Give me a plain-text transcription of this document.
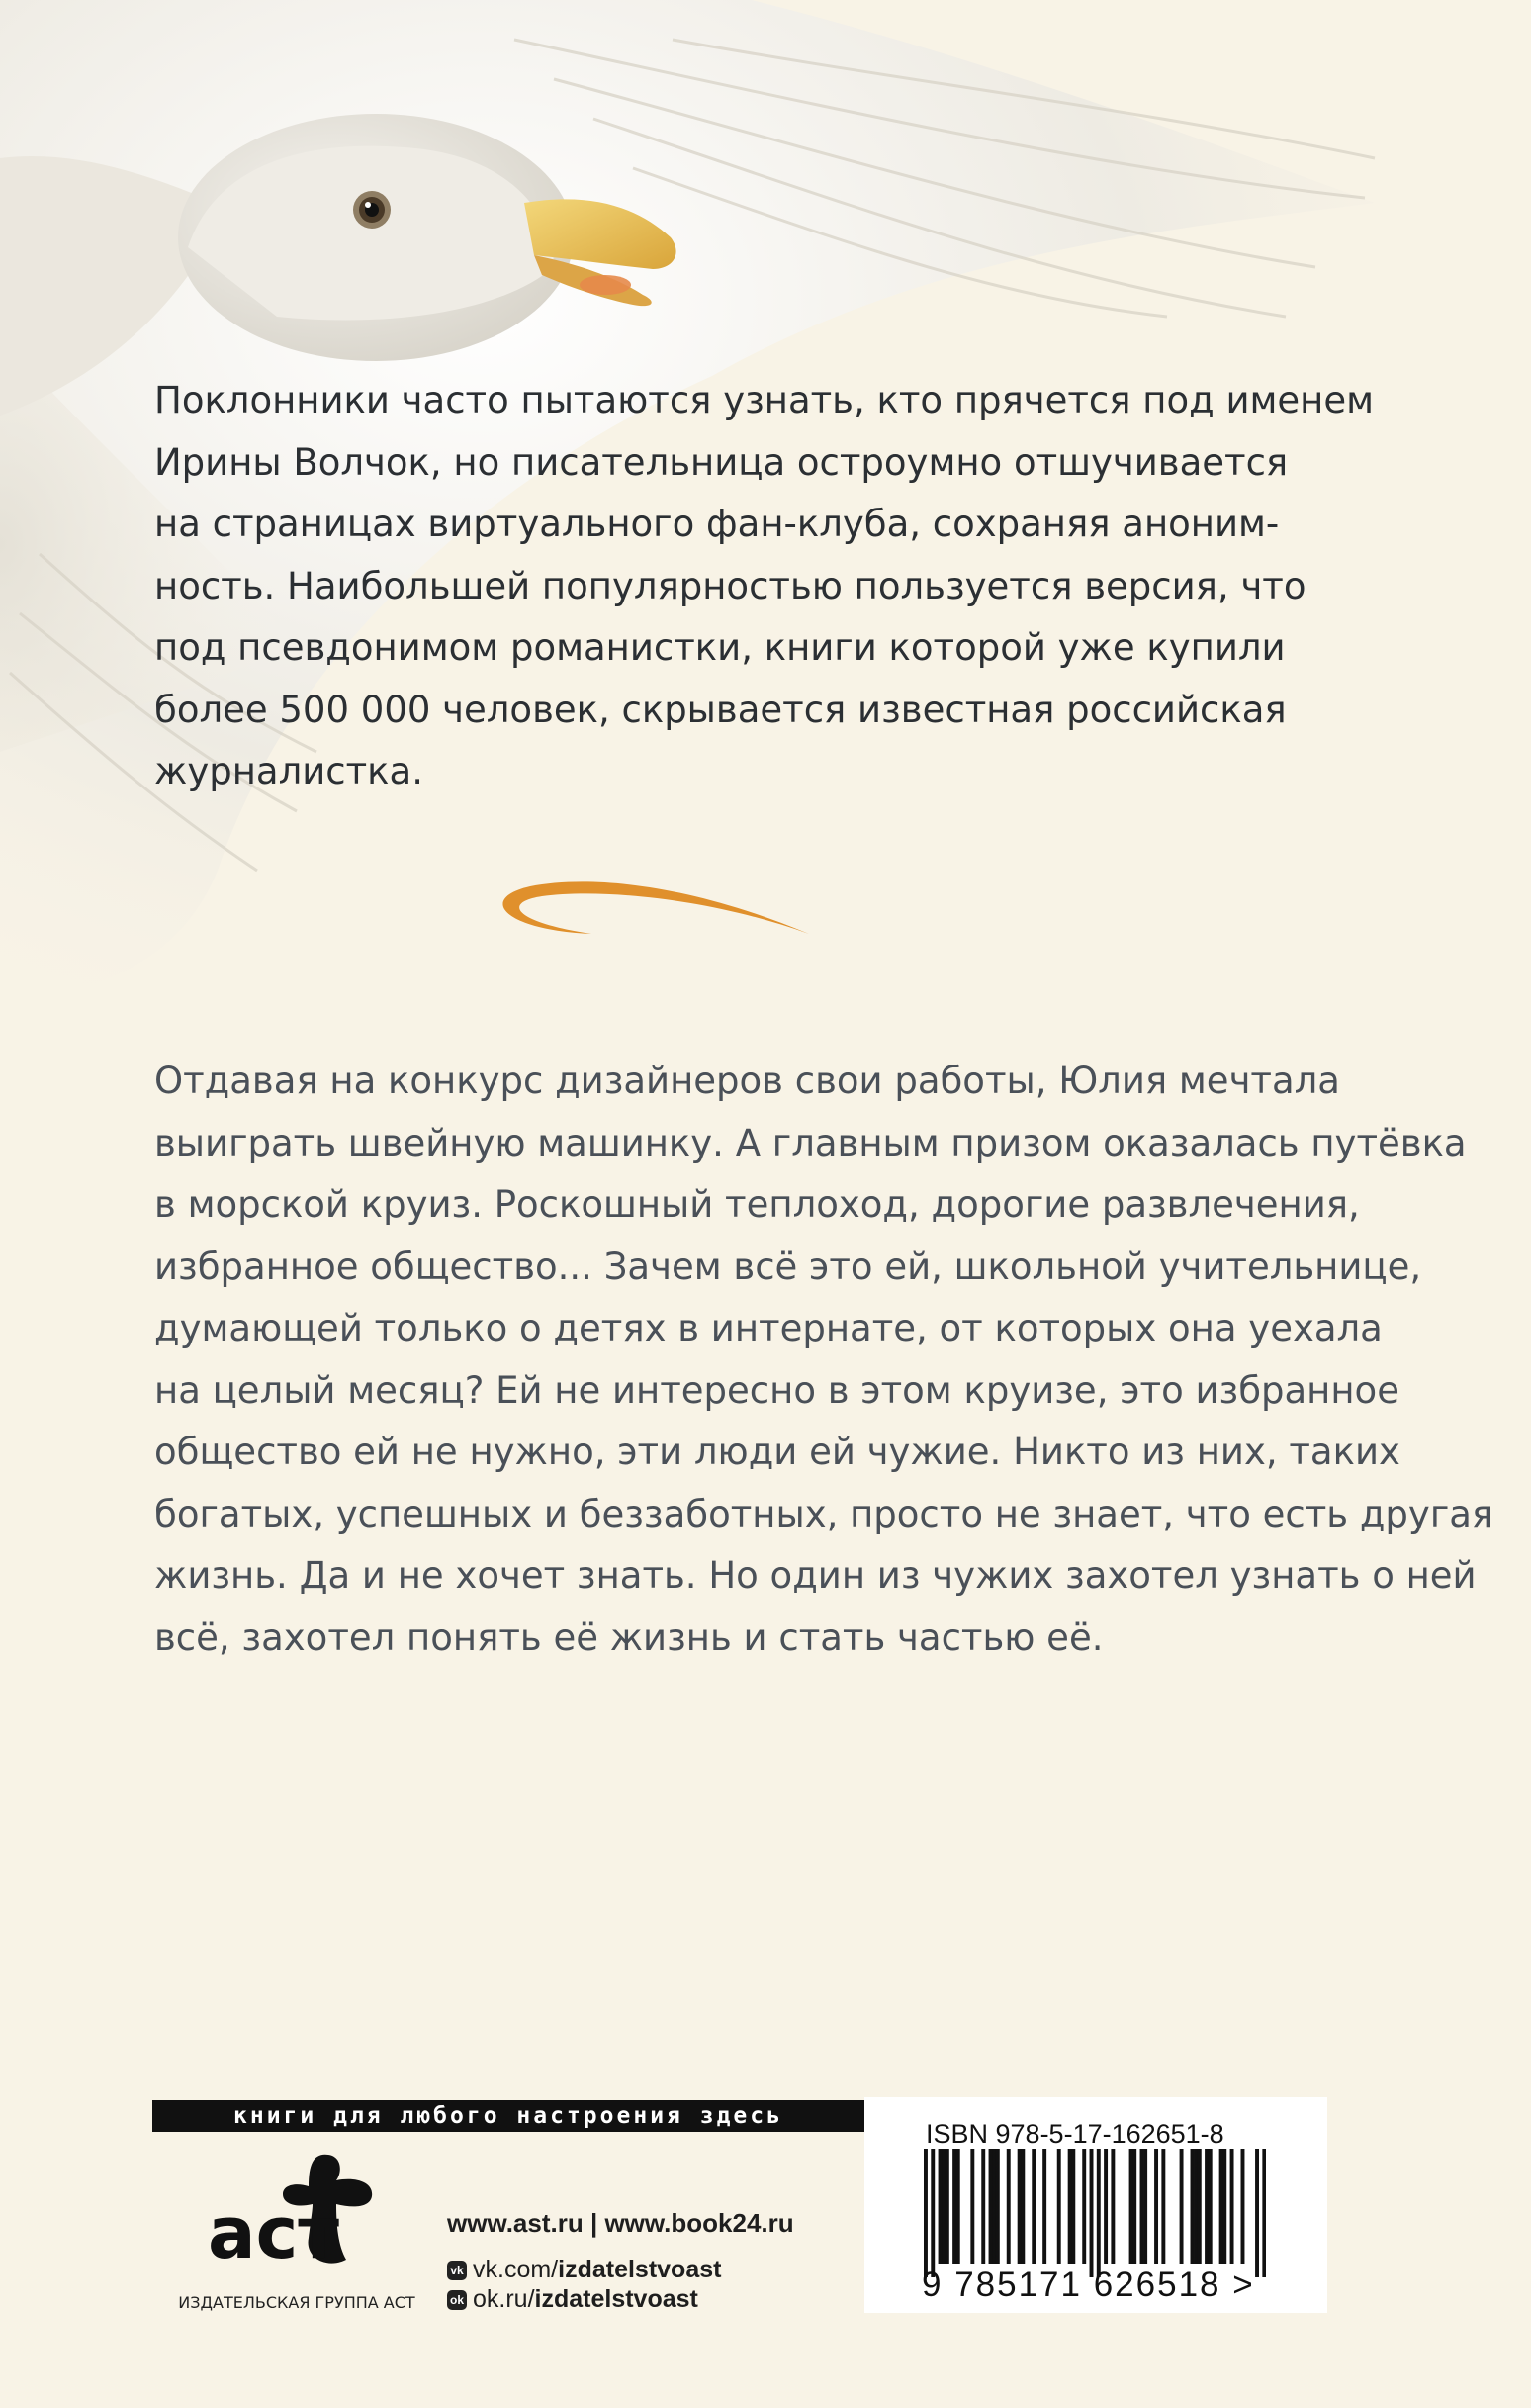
Поклонники часто пытаются узнать, кто прячется под именем
Ирины Волчок, но писательница остроумно отшучивается
на страницах виртуального фан-клуба, сохраняя аноним-
ность. Наибольшей популярностью пользуется версия, что
под псевдонимом романистки, книги которой уже купили
более 500 000 человек, скрывается известная российская
журналистка.
Отдавая на конкурс дизайнеров свои работы, Юлия мечтала
выиграть швейную машинку. А главным призом оказалась путёвка
в морской круиз. Роскошный теплоход, дорогие развлечения,
избранное общество... Зачем всё это ей, школьной учительнице,
думающей только о детях в интернате, от которых она уехала
на целый месяц? Ей не интересно в этом круизе, это избранное
общество ей не нужно, эти люди ей чужие. Никто из них, таких
богатых, успешных и беззаботных, просто не знает, что есть другая
жизнь. Да и не хочет знать. Но один из чужих захотел узнать о ней
всё, захотел понять её жизнь и стать частью её.
книги для любого настроения здесь
аст
ИЗДАТЕЛЬСКАЯ ГРУППА АСТ
www.ast.ru | www.book24.ru
vk vk.com/ izdatelstvoast
ok ok.ru/ izdatelstvoast
ISBN 978-5-17-162651-8
9 785171 626518 >
